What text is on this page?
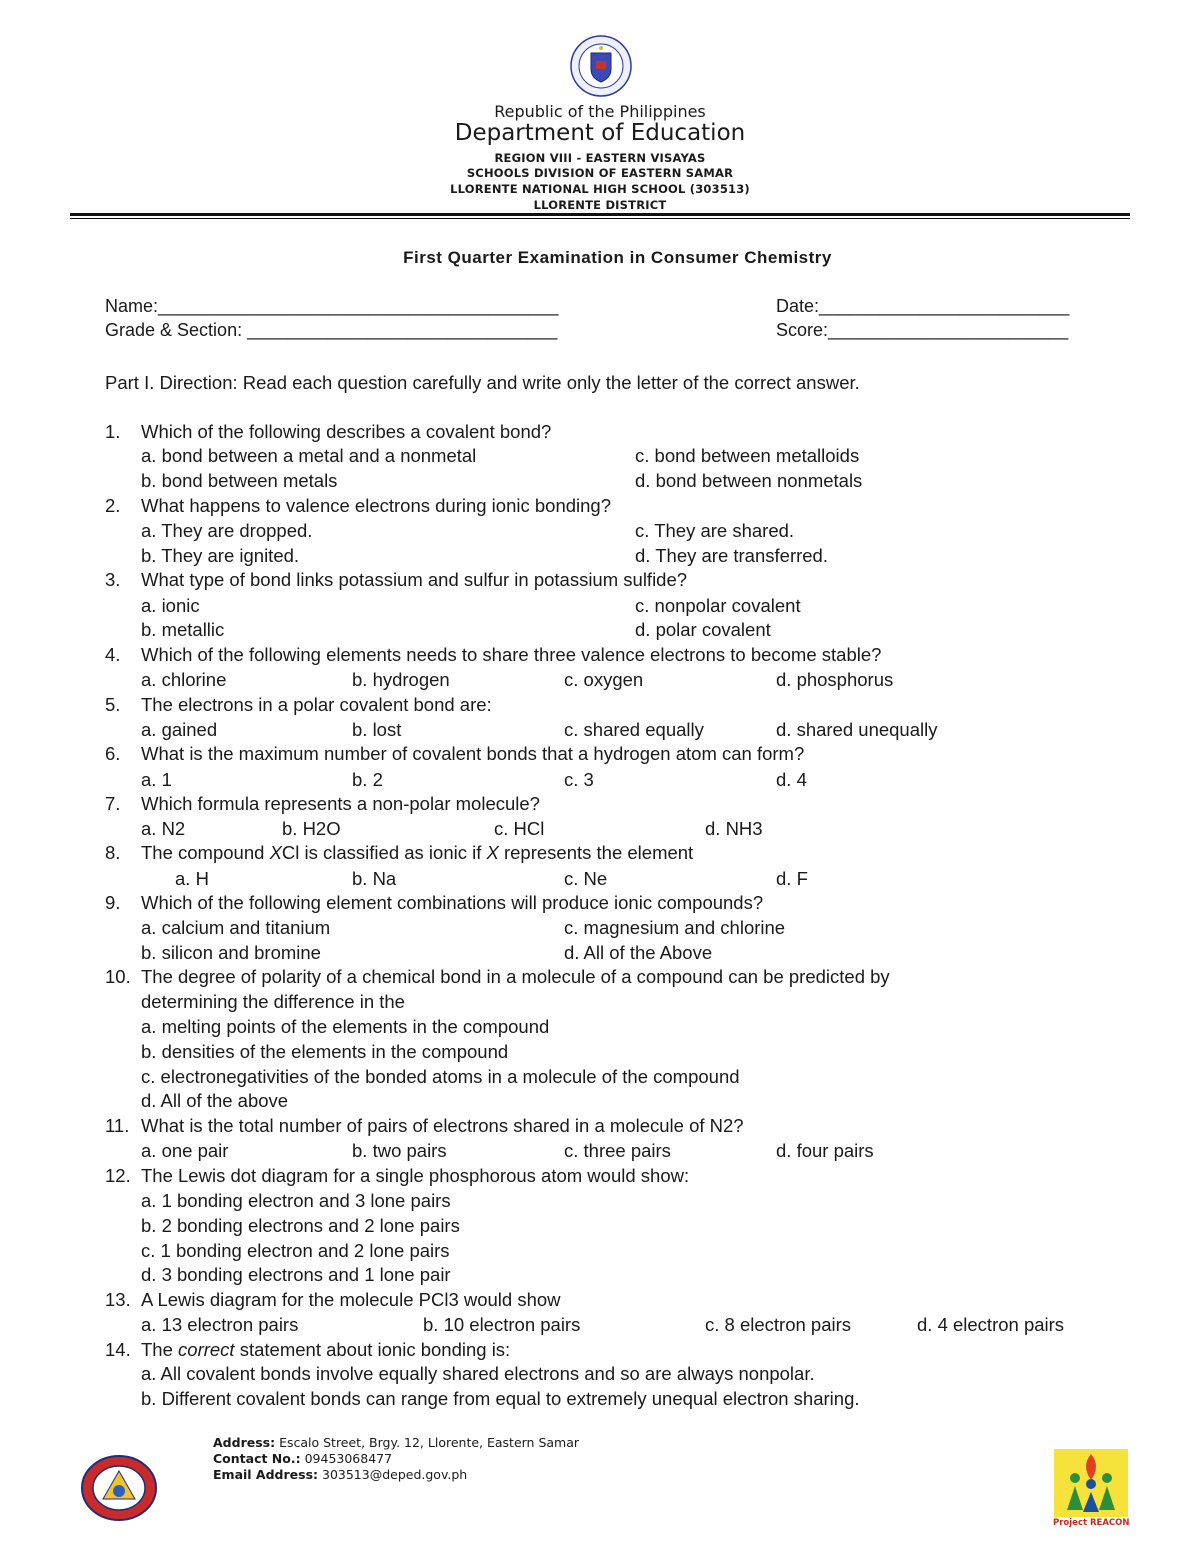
Republic of the Philippines
Department of Education
REGION VIII - EASTERN VISAYAS
SCHOOLS DIVISION OF EASTERN SAMAR
LLORENTE NATIONAL HIGH SCHOOL (303513)
LLORENTE DISTRICT
First Quarter Examination in Consumer Chemistry
Name:________________________________________	Date:_________________________
Grade & Section: _______________________________	Score:________________________
Part I. Direction: Read each question carefully and write only the letter of the correct answer.
1.	Which of the following describes a covalent bond?
a. bond between a metal and a nonmetal	c. bond between metalloids
b. bond between metals	d. bond between nonmetals
2.	What happens to valence electrons during ionic bonding?
a. They are dropped.	c. They are shared.
b. They are ignited.	d. They are transferred.
3.	What type of bond links potassium and sulfur in potassium sulfide?
a. ionic	c. nonpolar covalent
b. metallic	d. polar covalent
4.	Which of the following elements needs to share three valence electrons to become stable?
a. chlorine	b. hydrogen	c. oxygen	d. phosphorus
5.	The electrons in a polar covalent bond are:
a. gained	b. lost	c. shared equally	d. shared unequally
6.	What is the maximum number of covalent bonds that a hydrogen atom can form?
a. 1	b. 2	c. 3	d. 4
7.	Which formula represents a non-polar molecule?
a. N2	b. H2O	c. HCl	d. NH3
8.	The compound XCl is classified as ionic if X represents the element
a. H	b. Na	c. Ne	d. F
9.	Which of the following element combinations will produce ionic compounds?
a. calcium and titanium	c. magnesium and chlorine
b. silicon and bromine	d. All of the Above
10. The degree of polarity of a chemical bond in a molecule of a compound can be predicted by
determining the difference in the
a. melting points of the elements in the compound
b. densities of the elements in the compound
c. electronegativities of the bonded atoms in a molecule of the compound
d. All of the above
11. What is the total number of pairs of electrons shared in a molecule of N2?
a. one pair	b. two pairs	c. three pairs	d. four pairs
12. The Lewis dot diagram for a single phosphorous atom would show:
a. 1 bonding electron and 3 lone pairs
b. 2 bonding electrons and 2 lone pairs
c. 1 bonding electron and 2 lone pairs
d. 3 bonding electrons and 1 lone pair
13. A Lewis diagram for the molecule PCl3 would show
a. 13 electron pairs	b. 10 electron pairs	c. 8 electron pairs	d. 4 electron pairs
14. The correct statement about ionic bonding is:
a. All covalent bonds involve equally shared electrons and so are always nonpolar.
b. Different covalent bonds can range from equal to extremely unequal electron sharing.
Address: Escalo Street, Brgy. 12, Llorente, Eastern Samar
Contact No.: 09453068477
Email Address: 303513@deped.gov.ph
Project REACON
